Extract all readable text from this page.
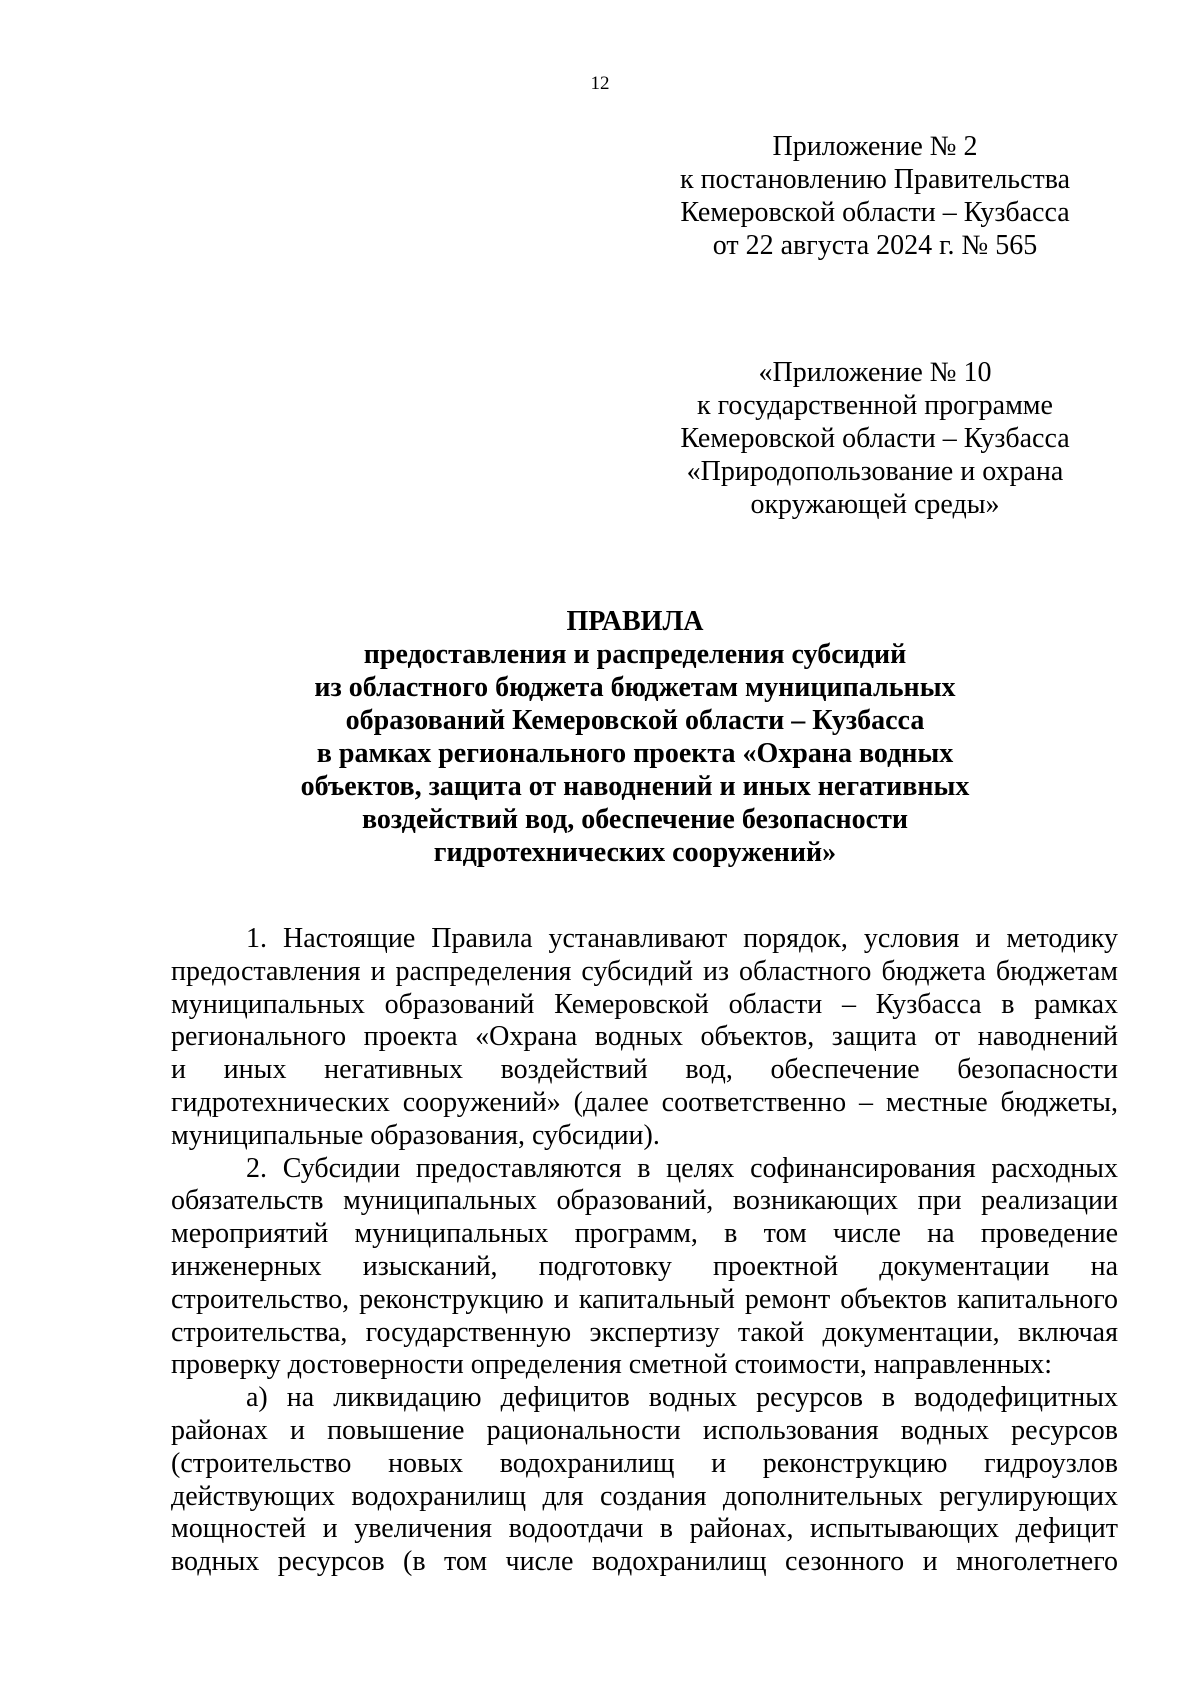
12
Приложение № 2
к постановлению Правительства
Кемеровской области – Кузбасса
от 22 августа 2024 г. № 565
«Приложение № 10
к государственной программе
Кемеровской области – Кузбасса
«Природопользование и охрана
окружающей среды»
ПРАВИЛА
предоставления и распределения субсидий
из областного бюджета бюджетам муниципальных
образований Кемеровской области – Кузбасса
в рамках регионального проекта «Охрана водных
объектов, защита от наводнений и иных негативных
воздействий вод, обеспечение безопасности
гидротехнических сооружений»
1. Настоящие Правила устанавливают порядок, условия и методику
предоставления и распределения субсидий из областного бюджета бюджетам
муниципальных образований Кемеровской области – Кузбасса в рамках
регионального проекта «Охрана водных объектов, защита от наводнений
и иных негативных воздействий вод, обеспечение безопасности
гидротехнических сооружений» (далее соответственно – местные бюджеты,
муниципальные образования, субсидии).
2. Субсидии предоставляются в целях софинансирования расходных
обязательств муниципальных образований, возникающих при реализации
мероприятий муниципальных программ, в том числе на проведение
инженерных изысканий, подготовку проектной документации на
строительство, реконструкцию и капитальный ремонт объектов капитального
строительства, государственную экспертизу такой документации, включая
проверку достоверности определения сметной стоимости, направленных:
а) на ликвидацию дефицитов водных ресурсов в вододефицитных
районах и повышение рациональности использования водных ресурсов
(строительство новых водохранилищ и реконструкцию гидроузлов
действующих водохранилищ для создания дополнительных регулирующих
мощностей и увеличения водоотдачи в районах, испытывающих дефицит
водных ресурсов (в том числе водохранилищ сезонного и многолетнего
